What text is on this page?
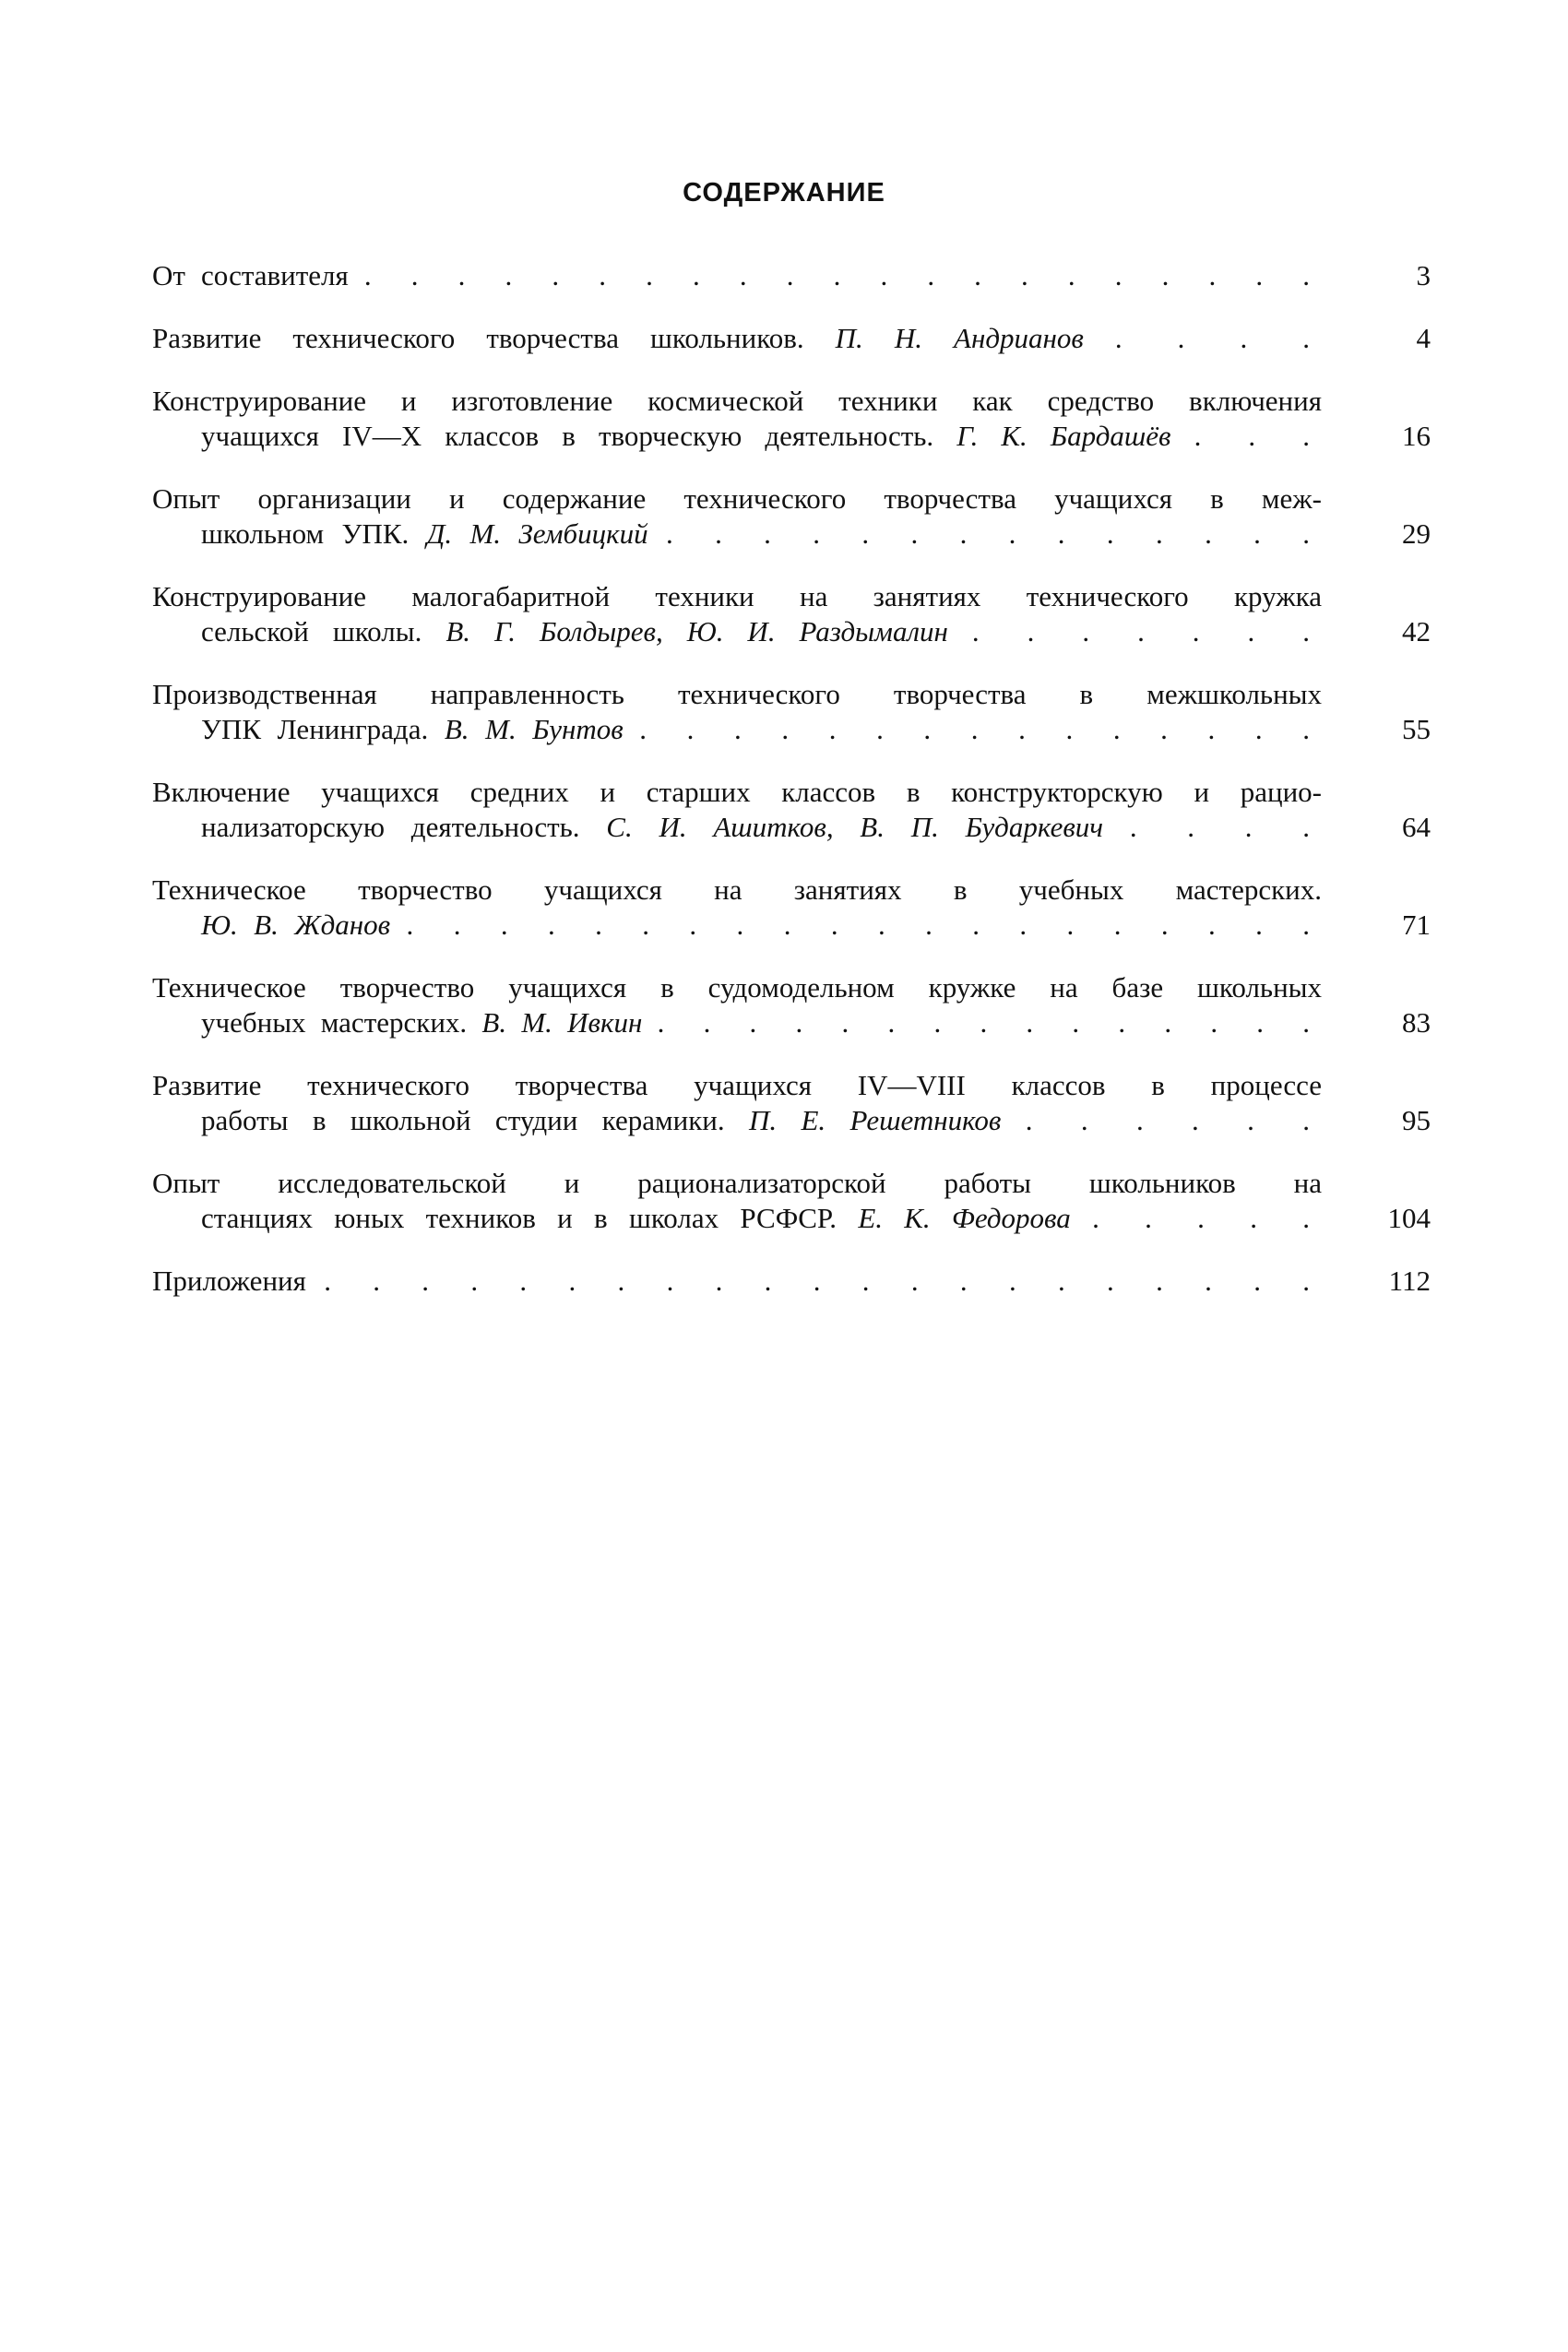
СОДЕРЖАНИЕ
От составителя . . . . . . . . . . . . . . . . . . . . .	3
Развитие технического творчества школьников. П. Н. Андрианов . . . .	4
Конструирование и изготовление космической техники как средство включения
учащихся IV—X классов в творческую деятельность. Г. К. Бардашёв . . .	16
Опыт организации и содержание технического творчества учащихся в меж-
школьном УПК. Д. М. Зембицкий . . . . . . . . . . . . . .	29
Конструирование малогабаритной техники на занятиях технического кружка
сельской школы. В. Г. Болдырев, Ю. И. Раздымалин . . . . . . .	42
Производственная направленность технического творчества в межшкольных
УПК Ленинграда. В. М. Бунтов . . . . . . . . . . . . . . .	55
Включение учащихся средних и старших классов в конструкторскую и рацио-
нализаторскую деятельность. С. И. Ашитков, В. П. Бударкевич . . . .	64
Техническое творчество учащихся на занятиях в учебных мастерских.
Ю. В. Жданов . . . . . . . . . . . . . . . . . . . .	71
Техническое творчество учащихся в судомодельном кружке на базе школьных
учебных мастерских. В. М. Ивкин . . . . . . . . . . . . . . .	83
Развитие технического творчества учащихся IV—VIII классов в процессе
работы в школьной студии керамики. П. Е. Решетников . . . . . .	95
Опыт исследовательской и рационализаторской работы школьников на
станциях юных техников и в школах РСФСР. Е. К. Федорова . . . . . 104
Приложения . . . . . . . . . . . . . . . . . . . . . 112
